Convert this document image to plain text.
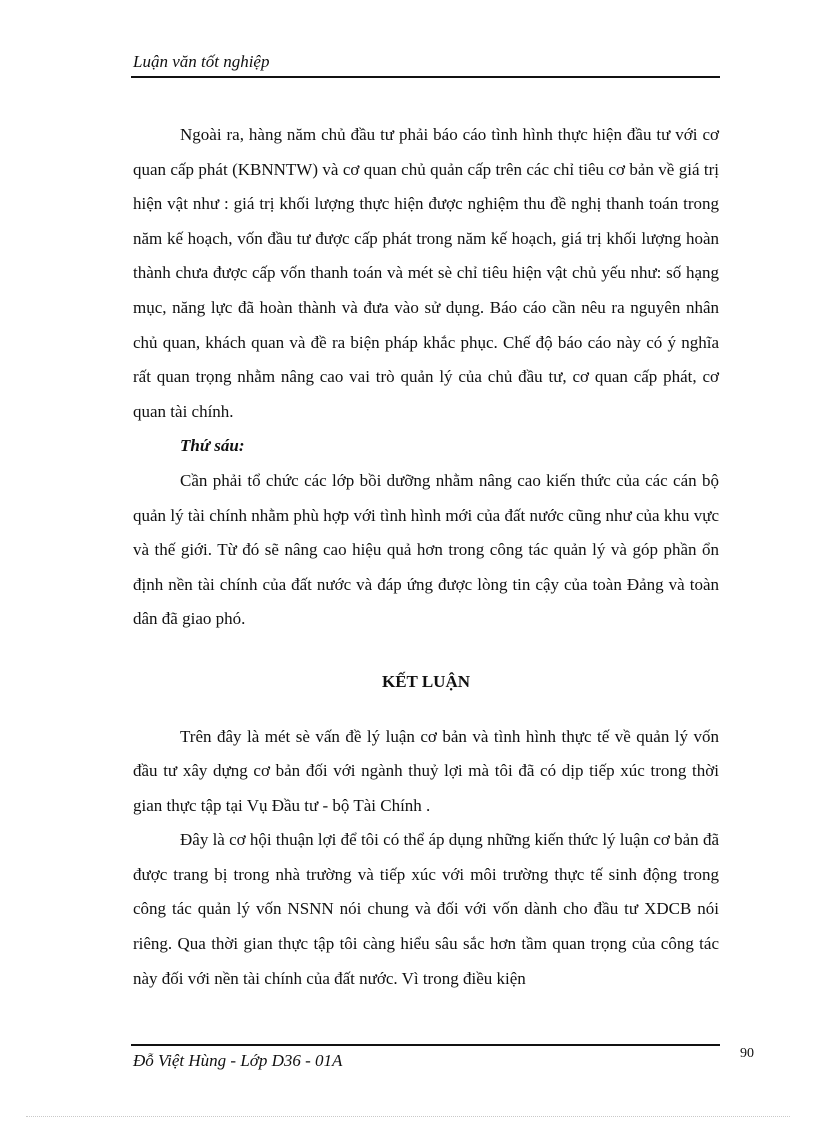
Luận văn tốt nghiệp

Ngoài ra, hàng năm chủ đầu tư phải báo cáo tình hình thực hiện đầu tư với cơ quan cấp phát (KBNNTW) và cơ quan chủ quản cấp trên các chỉ tiêu cơ bản về giá trị hiện vật như : giá trị khối lượng thực hiện được nghiệm thu đề nghị thanh toán trong năm kế hoạch, vốn đầu tư được cấp phát trong năm kế hoạch, giá trị khối lượng hoàn thành chưa được cấp vốn thanh toán và mét sè chỉ tiêu hiện vật chủ yếu như: số hạng mục, năng lực đã hoàn thành và đưa vào sử dụng. Báo cáo cần nêu ra nguyên nhân chủ quan, khách quan và đề ra biện pháp khắc phục. Chế độ báo cáo này có ý nghĩa rất quan trọng nhằm nâng cao vai trò quản lý của chủ đầu tư, cơ quan cấp phát, cơ quan tài chính.

Thứ sáu:

Cần phải tổ chức các lớp bồi dưỡng nhằm nâng cao kiến thức của các cán bộ quản lý tài chính nhằm phù hợp với tình hình mới của đất nước cũng như của khu vực và thế giới. Từ đó sẽ nâng cao hiệu quả hơn trong công tác quản lý và góp phần ổn định nền tài chính của đất nước và đáp ứng được lòng tin cậy của toàn Đảng và toàn dân đã giao phó.

KẾT LUẬN

Trên đây là mét sè vấn đề lý luận cơ bản và tình hình thực tế về quản lý vốn đầu tư xây dựng cơ bản đối với ngành thuỷ lợi mà tôi đã có dịp tiếp xúc trong thời gian thực tập tại Vụ Đầu tư - bộ Tài Chính .

Đây là cơ hội thuận lợi để tôi có thể áp dụng những kiến thức lý luận cơ bản đã được trang bị trong nhà trường và tiếp xúc với môi trường thực tế sinh động trong công tác quản lý vốn NSNN nói chung và đối với vốn dành cho đầu tư XDCB nói riêng. Qua thời gian thực tập tôi càng hiểu sâu sắc hơn tầm quan trọng của công tác này đối với nền tài chính của đất nước. Vì trong điều kiện

Đỗ Việt Hùng - Lớp D36 - 01A	90
